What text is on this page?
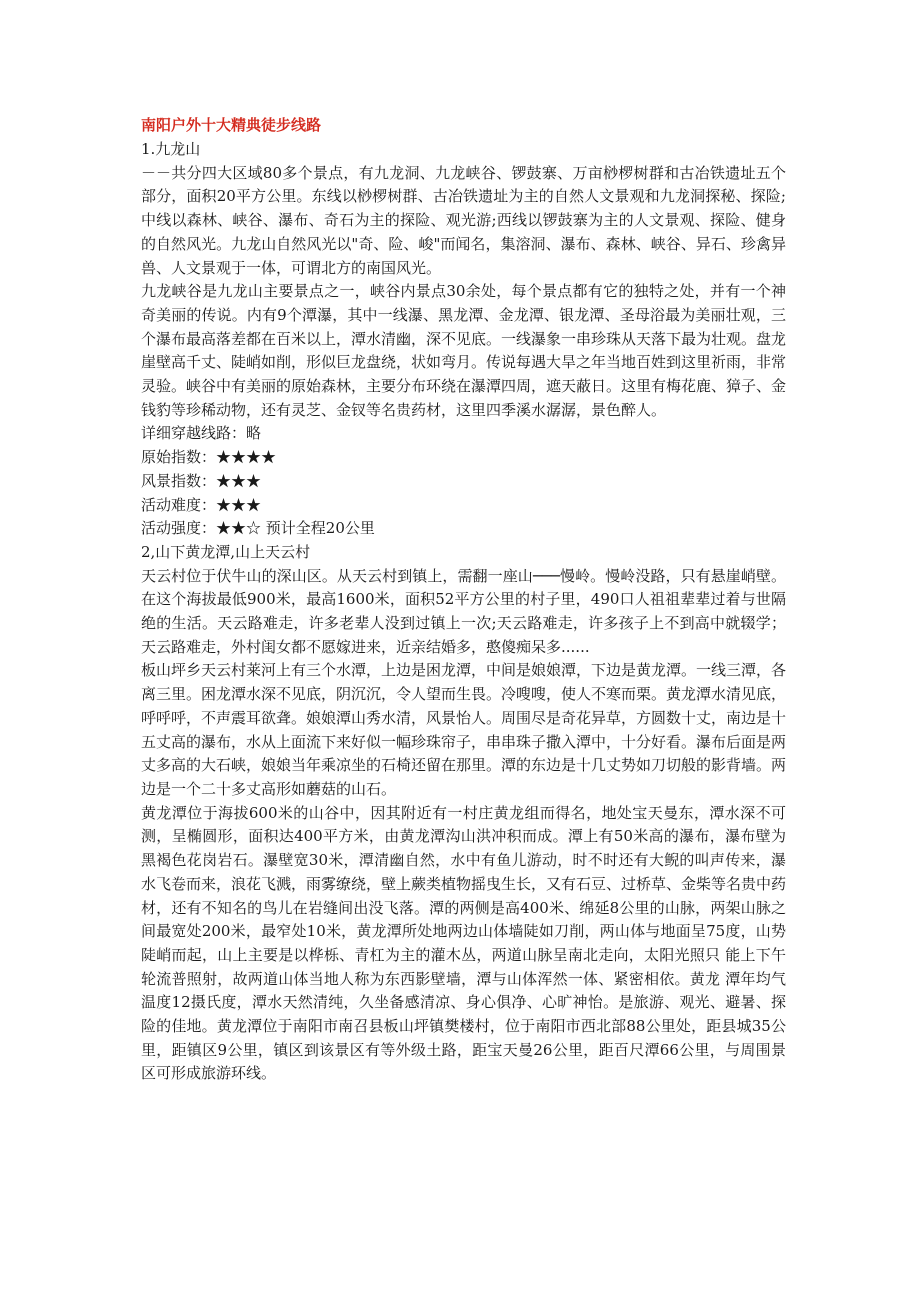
南阳户外十大精典徒步线路

1.九龙山

－－共分四大区域80多个景点，有九龙洞、九龙峡谷、锣鼓寨、万亩桫椤树群和古冶铁遗址五个部分，面积20平方公里。东线以桫椤树群、古冶铁遗址为主的自然人文景观和九龙洞探秘、探险;中线以森林、峡谷、瀑布、奇石为主的探险、观光游;西线以锣鼓寨为主的人文景观、探险、健身的自然风光。九龙山自然风光以"奇、险、峻"而闻名，集溶洞、瀑布、森林、峡谷、异石、珍禽异兽、人文景观于一体，可谓北方的南国风光。

九龙峡谷是九龙山主要景点之一，峡谷内景点30余处，每个景点都有它的独特之处，并有一个神奇美丽的传说。内有9个潭瀑，其中一线瀑、黑龙潭、金龙潭、银龙潭、圣母浴最为美丽壮观，三个瀑布最高落差都在百米以上，潭水清幽，深不见底。一线瀑象一串珍珠从天落下最为壮观。盘龙崖壁高千丈、陡峭如削，形似巨龙盘绕，状如弯月。传说每遇大旱之年当地百姓到这里祈雨，非常灵验。峡谷中有美丽的原始森林，主要分布环绕在瀑潭四周，遮天蔽日。这里有梅花鹿、獐子、金钱豹等珍稀动物，还有灵芝、金钗等名贵药材，这里四季溪水潺潺，景色醉人。

详细穿越线路：略

原始指数：★★★★

风景指数：★★★

活动难度：★★★

活动强度：★★☆ 预计全程20公里

2,山下黄龙潭,山上天云村

天云村位于伏牛山的深山区。从天云村到镇上，需翻一座山───慢岭。慢岭没路，只有悬崖峭壁。在这个海拔最低900米，最高1600米，面积52平方公里的村子里，490口人祖祖辈辈过着与世隔绝的生活。天云路难走，许多老辈人没到过镇上一次;天云路难走，许多孩子上不到高中就辍学；天云路难走，外村闺女都不愿嫁进来，近亲结婚多，憨傻痴呆多......

板山坪乡天云村莱河上有三个水潭，上边是困龙潭，中间是娘娘潭，下边是黄龙潭。一线三潭，各离三里。困龙潭水深不见底，阴沉沉，令人望而生畏。冷嗖嗖，使人不寒而栗。黄龙潭水清见底，呼呼呼，不声震耳欲聋。娘娘潭山秀水清，风景怡人。周围尽是奇花异草，方圆数十丈，南边是十五丈高的瀑布，水从上面流下来好似一幅珍珠帘子，串串珠子撒入潭中，十分好看。瀑布后面是两丈多高的大石峡，娘娘当年乘凉坐的石椅还留在那里。潭的东边是十几丈势如刀切般的影背墙。两边是一个二十多丈高形如蘑菇的山石。

黄龙潭位于海拔600米的山谷中，因其附近有一村庄黄龙组而得名，地处宝天曼东，潭水深不可测，呈椭圆形，面积达400平方米，由黄龙潭沟山洪冲积而成。潭上有50米高的瀑布，瀑布壁为黑褐色花岗岩石。瀑壁宽30米，潭清幽自然，水中有鱼儿游动，时不时还有大鲵的叫声传来，瀑水飞卷而来，浪花飞溅，雨雾缭绕，壁上蕨类植物摇曳生长，又有石豆、过桥草、金柴等名贵中药材，还有不知名的鸟儿在岩缝间出没飞落。潭的两侧是高400米、绵延8公里的山脉，两架山脉之间最宽处200米，最窄处10米，黄龙潭所处地两边山体墙陡如刀削，两山体与地面呈75度，山势陡峭而起，山上主要是以桦栎、青杠为主的灌木丛，两道山脉呈南北走向，太阳光照只 能上下午轮流普照射，故两道山体当地人称为东西影壁墙，潭与山体浑然一体、紧密相依。黄龙 潭年均气温度12摄氏度，潭水天然清纯，久坐备感清凉、身心俱净、心旷神怡。是旅游、观光、避暑、探险的佳地。黄龙潭位于南阳市南召县板山坪镇樊楼村，位于南阳市西北部88公里处，距县城35公里，距镇区9公里，镇区到该景区有等外级土路，距宝天曼26公里，距百尺潭66公里，与周围景区可形成旅游环线。
